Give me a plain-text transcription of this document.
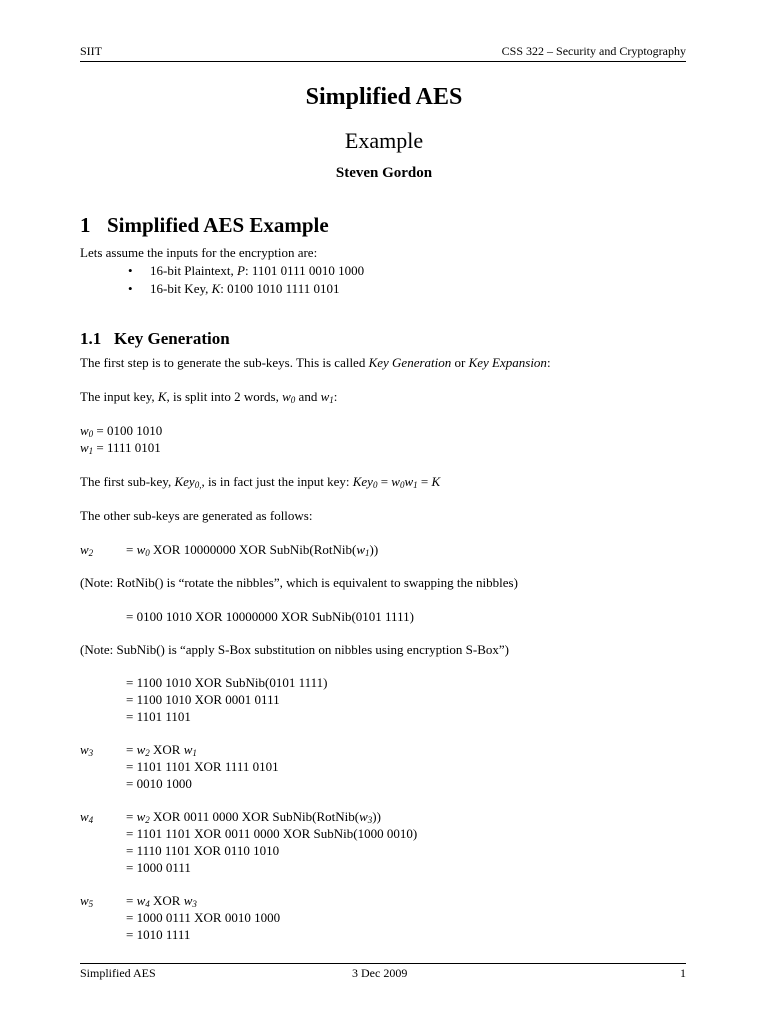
SIIT	CSS 322 – Security and Cryptography
Simplified AES
Example
Steven Gordon
1 Simplified AES Example
Lets assume the inputs for the encryption are:
• 16-bit Plaintext, P: 1101 0111 0010 1000
• 16-bit Key, K: 0100 1010 1111 0101
1.1 Key Generation
The first step is to generate the sub-keys. This is called Key Generation or Key Expansion:
The input key, K, is split into 2 words, $w_0$ and $w_1$:
$w_0 = 0100$ 1010
$w_1 = 1111$ 0101
The first sub-key, Key$_{0,}$, is in fact just the input key: $Key_0 = w_0w_1 = K$
The other sub-keys are generated as follows:
$w_2$	= $w_0$ XOR 10000000 XOR $SubNib(RotNib(w_1))$
(Note: RotNib() is “rotate the nibbles”, which is equivalent to swapping the nibbles)
= 0100 1010 XOR 10000000 XOR SubNib(0101 1111)
(Note: SubNib() is “apply S-Box substitution on nibbles using encryption S-Box”)
= 1100 1010 XOR SubNib(0101 1111)
= 1100 1010 XOR 0001 0111
= 1101 1101
$w_3$	= $w_2$ XOR $w_1$
= 1101 1101 XOR 1111 0101
= 0010 1000
$w_4$	= $w_2$ XOR 0011 0000 XOR $SubNib(RotNib(w_3))$
= 1101 1101 XOR 0011 0000 XOR SubNib(1000 0010)
= 1110 1101 XOR 0110 1010
= 1000 0111
$w_5$	= $w_4$ XOR $w_3$
= 1000 0111 XOR 0010 1000
= 1010 1111
Simplified AES	3 Dec 2009	1
